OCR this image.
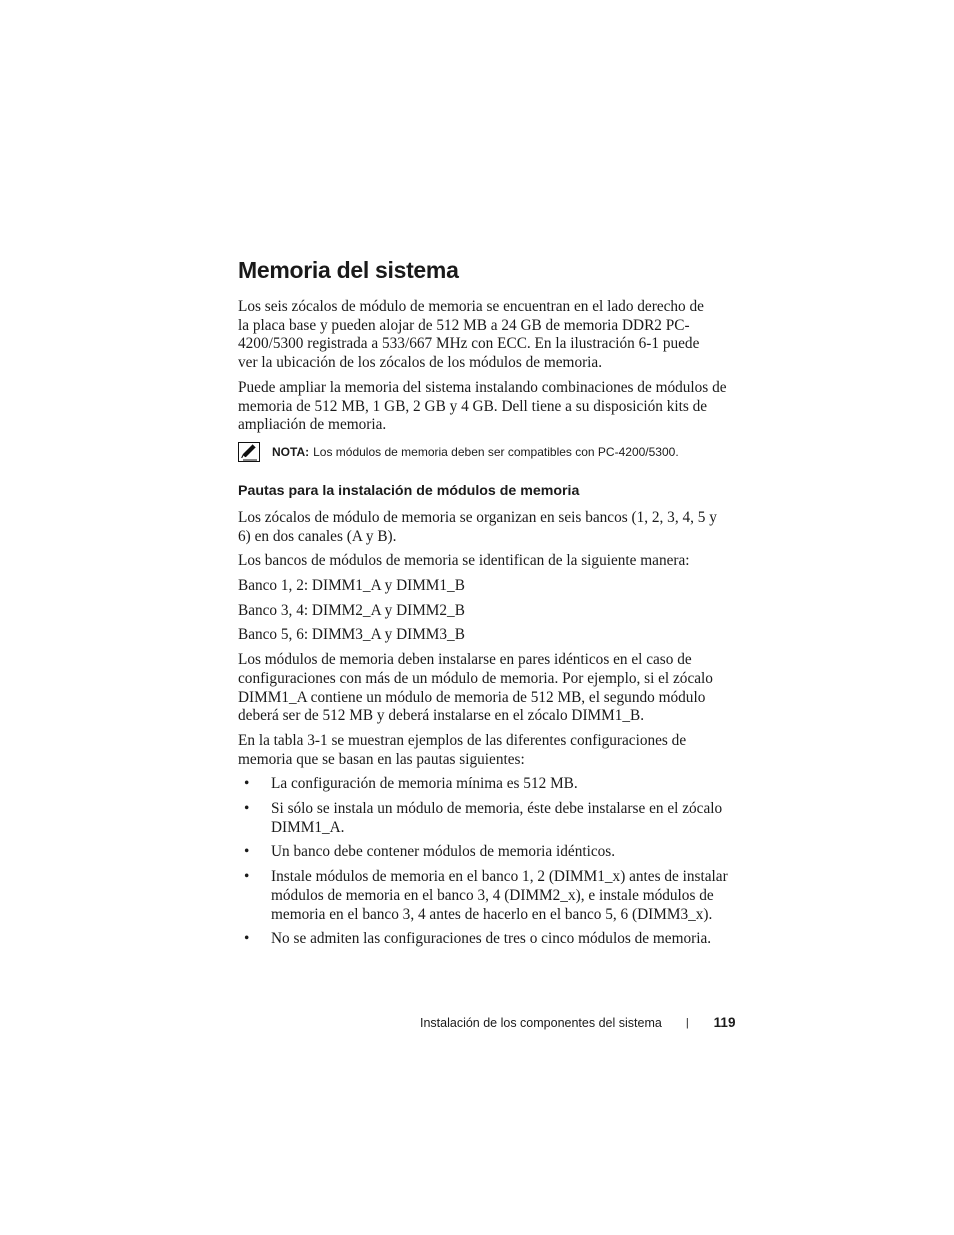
Memoria del sistema

Los seis zócalos de módulo de memoria se encuentran en el lado derecho de la placa base y pueden alojar de 512 MB a 24 GB de memoria DDR2 PC-4200/5300 registrada a 533/667 MHz con ECC. En la ilustración 6-1 puede ver la ubicación de los zócalos de los módulos de memoria.

Puede ampliar la memoria del sistema instalando combinaciones de módulos de memoria de 512 MB, 1 GB, 2 GB y 4 GB. Dell tiene a su disposición kits de ampliación de memoria.

NOTA: Los módulos de memoria deben ser compatibles con PC-4200/5300.
Pautas para la instalación de módulos de memoria

Los zócalos de módulo de memoria se organizan en seis bancos (1, 2, 3, 4, 5 y 6) en dos canales (A y B).

Los bancos de módulos de memoria se identifican de la siguiente manera:

Banco 1, 2: DIMM1_A y DIMM1_B

Banco 3, 4: DIMM2_A y DIMM2_B

Banco 5, 6: DIMM3_A y DIMM3_B

Los módulos de memoria deben instalarse en pares idénticos en el caso de configuraciones con más de un módulo de memoria. Por ejemplo, si el zócalo DIMM1_A contiene un módulo de memoria de 512 MB, el segundo módulo deberá ser de 512 MB y deberá instalarse en el zócalo DIMM1_B.

En la tabla 3-1 se muestran ejemplos de las diferentes configuraciones de memoria que se basan en las pautas siguientes:

• La configuración de memoria mínima es 512 MB.
• Si sólo se instala un módulo de memoria, éste debe instalarse en el zócalo DIMM1_A.
• Un banco debe contener módulos de memoria idénticos.
• Instale módulos de memoria en el banco 1, 2 (DIMM1_x) antes de instalar módulos de memoria en el banco 3, 4 (DIMM2_x), e instale módulos de memoria en el banco 3, 4 antes de hacerlo en el banco 5, 6 (DIMM3_x).
• No se admiten las configuraciones de tres o cinco módulos de memoria.
Instalación de los componentes del sistema | 119
